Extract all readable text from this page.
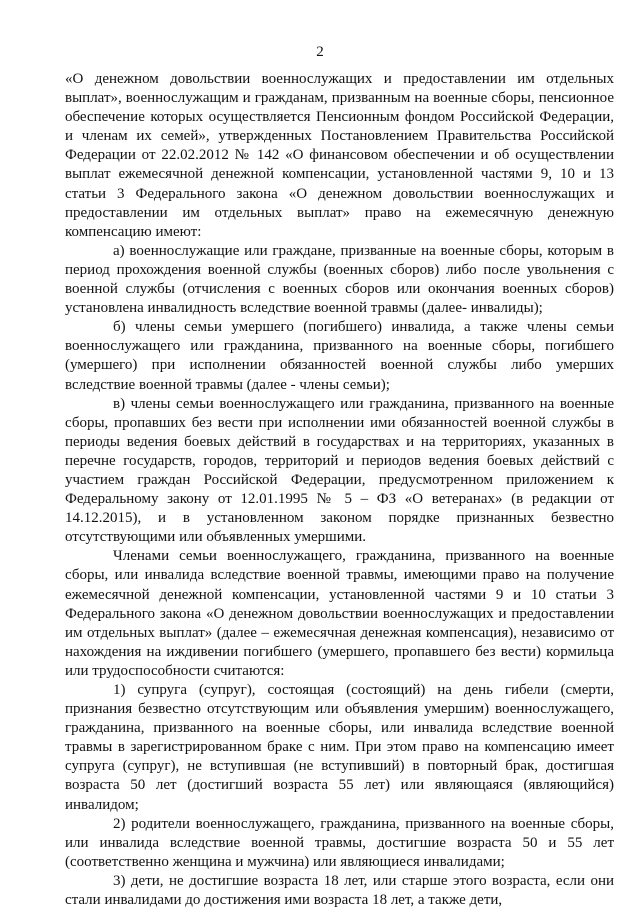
2

«О денежном довольствии военнослужащих и предоставлении им отдельных выплат», военнослужащим и гражданам, призванным на военные сборы, пенсионное обеспечение которых осуществляется Пенсионным фондом Российской Федерации, и членам их семей», утвержденных Постановлением Правительства Российской Федерации от 22.02.2012 № 142 «О финансовом обеспечении и об осуществлении выплат ежемесячной денежной компенсации, установленной частями 9, 10 и 13 статьи 3 Федерального закона «О денежном довольствии военнослужащих и предоставлении им отдельных выплат» право на ежемесячную денежную компенсацию имеют:

а) военнослужащие или граждане, призванные на военные сборы, которым в период прохождения военной службы (военных сборов) либо после увольнения с военной службы (отчисления с военных сборов или окончания военных сборов) установлена инвалидность вследствие военной травмы (далее- инвалиды);

б) члены семьи умершего (погибшего) инвалида, а также члены семьи военнослужащего или гражданина, призванного на военные сборы, погибшего (умершего) при исполнении обязанностей военной службы либо умерших вследствие военной травмы (далее - члены семьи);

в) члены семьи военнослужащего или гражданина, призванного на военные сборы, пропавших без вести при исполнении ими обязанностей военной службы в периоды ведения боевых действий в государствах и на территориях, указанных в перечне государств, городов, территорий и периодов ведения боевых действий с участием граждан Российской Федерации, предусмотренном приложением к Федеральному закону от 12.01.1995 № 5 – ФЗ «О ветеранах» (в редакции от 14.12.2015), и в установленном законом порядке признанных безвестно отсутствующими или объявленных умершими.

Членами семьи военнослужащего, гражданина, призванного на военные сборы, или инвалида вследствие военной травмы, имеющими право на получение ежемесячной денежной компенсации, установленной частями 9 и 10 статьи 3 Федерального закона «О денежном довольствии военнослужащих и предоставлении им отдельных выплат» (далее – ежемесячная денежная компенсация), независимо от нахождения на иждивении погибшего (умершего, пропавшего без вести) кормильца или трудоспособности считаются:

1) супруга (супруг), состоящая (состоящий) на день гибели (смерти, признания безвестно отсутствующим или объявления умершим) военнослужащего, гражданина, призванного на военные сборы, или инвалида вследствие военной травмы в зарегистрированном браке с ним. При этом право на компенсацию имеет супруга (супруг), не вступившая (не вступивший) в повторный брак, достигшая возраста 50 лет (достигший возраста 55 лет) или являющаяся (являющийся) инвалидом;

2) родители военнослужащего, гражданина, призванного на военные сборы, или инвалида вследствие военной травмы, достигшие возраста 50 и 55 лет (соответственно женщина и мужчина) или являющиеся инвалидами;

3) дети, не достигшие возраста 18 лет, или старше этого возраста, если они стали инвалидами до достижения ими возраста 18 лет, а также дети,
